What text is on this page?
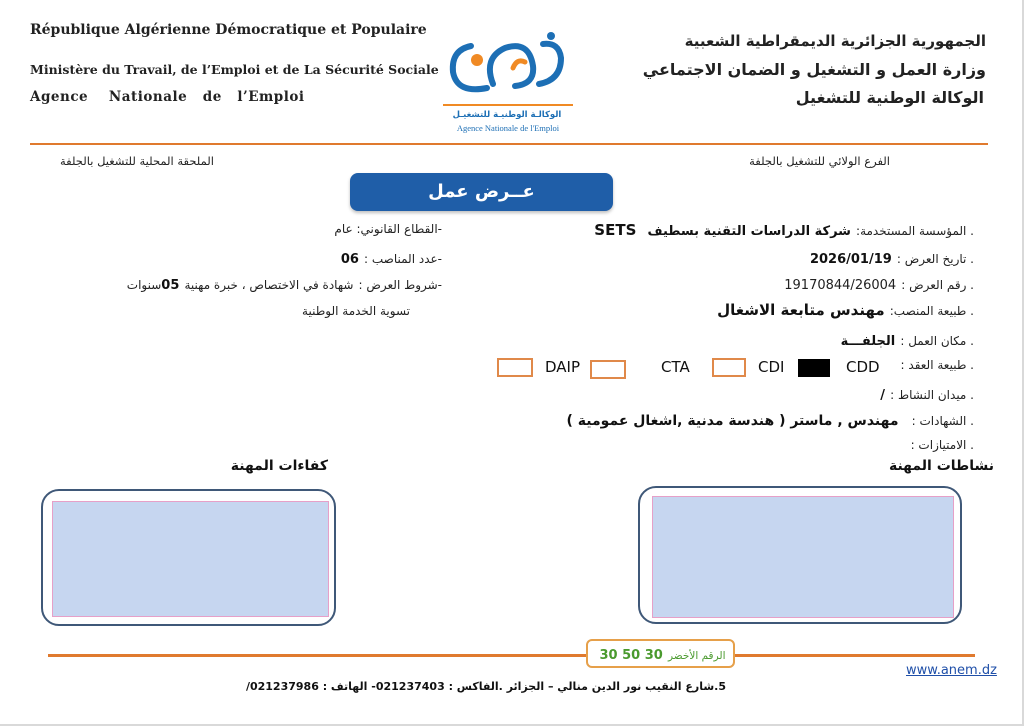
République Algérienne Démocratique et Populaire
Ministère du Travail, de l’Emploi et de La Sécurité Sociale
Agence    Nationale   de   l’Emploi
الوكالـة الوطنيـة للتشغيـل
Agence Nationale de l'Emploi
الجمهورية الجزائرية الديمقراطية الشعبية
وزارة العمل و التشغيل و الضمان الاجتماعي
الوكالة الوطنية للتشغيل
الفرع الولائي للتشغيل بالجلفة
الملحقة المحلية للتشغيل بالجلفة
عــرض عمل
. المؤسسة المستخدمة: شركة الدراسات التقنية بسطيف SETS
. تاريخ العرض : 2026/01/19
. رقم العرض : 19170844/26004
. طبيعة المنصب: مهندس متابعة الاشغال
. مكان العمل : الجلفـــة
. طبيعة العقد :
CDD
CDI
CTA
DAIP
. ميدان النشاط : /
. الشهادات : مهندس , ماستر ( هندسة مدنية ,اشغال عمومية )
. الامتيازات :
-القطاع القانوني: عام
-عدد المناصب : 06
-شروط العرض : شهادة في الاختصاص ، خبرة مهنية 05سنوات
تسوية الخدمة الوطنية
نشاطات المهنة
كفاءات المهنة
الرقم الأخضر 30 50 30
www.anem.dz
5.شارع النقيب نور الدين منالي – الجزائر .الفاكس : 021237403- الهاتف : 021237986/
